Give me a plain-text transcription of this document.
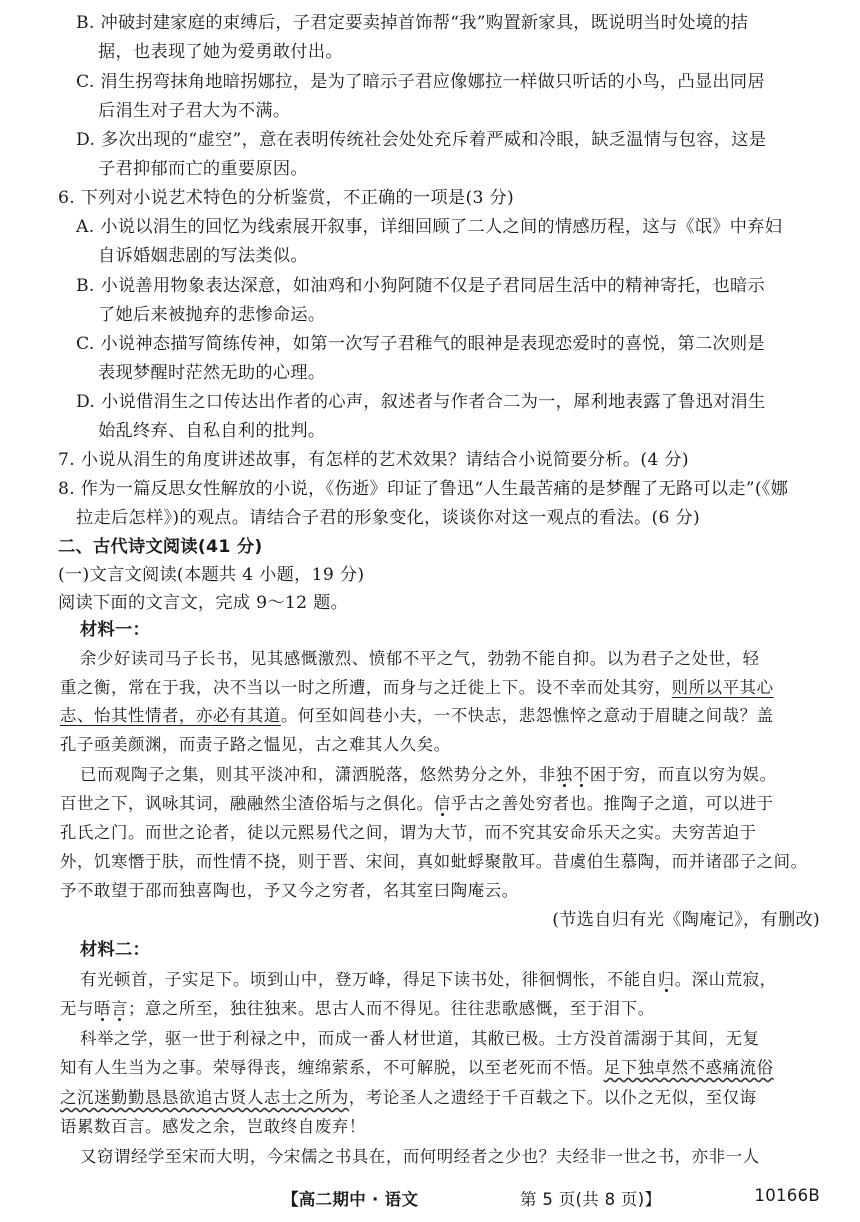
B. 冲破封建家庭的束缚后，子君定要卖掉首饰帮“我”购置新家具，既说明当时处境的拮
据，也表现了她为爱勇敢付出。
C. 涓生拐弯抹角地暗拐娜拉，是为了暗示子君应像娜拉一样做只听话的小鸟，凸显出同居
后涓生对子君大为不满。
D. 多次出现的“虚空”，意在表明传统社会处处充斥着严威和冷眼，缺乏温情与包容，这是
子君抑郁而亡的重要原因。
6. 下列对小说艺术特色的分析鉴赏，不正确的一项是(3 分)
A. 小说以涓生的回忆为线索展开叙事，详细回顾了二人之间的情感历程，这与《氓》中弃妇
自诉婚姻悲剧的写法类似。
B. 小说善用物象表达深意，如油鸡和小狗阿随不仅是子君同居生活中的精神寄托，也暗示
了她后来被抛弃的悲惨命运。
C. 小说神态描写简练传神，如第一次写子君稚气的眼神是表现恋爱时的喜悦，第二次则是
表现梦醒时茫然无助的心理。
D. 小说借涓生之口传达出作者的心声，叙述者与作者合二为一，犀利地表露了鲁迅对涓生
始乱终弃、自私自利的批判。
7. 小说从涓生的角度讲述故事，有怎样的艺术效果？请结合小说简要分析。(4 分)
8. 作为一篇反思女性解放的小说，《伤逝》印证了鲁迅“人生最苦痛的是梦醒了无路可以走”(《娜
拉走后怎样》)的观点。请结合子君的形象变化，谈谈你对这一观点的看法。(6 分)
二、古代诗文阅读(41 分)
(一)文言文阅读(本题共 4 小题，19 分)
阅读下面的文言文，完成 9～12 题。
材料一：
余少好读司马子长书，见其感慨激烈、愤郁不平之气，勃勃不能自抑。以为君子之处世，轻
重之衡，常在于我，决不当以一时之所遭，而身与之迁徙上下。设不幸而处其穷，则所以平其心
志、怡其性情者，亦必有其道。何至如闾巷小夫，一不快志，悲怨憔悴之意动于眉睫之间哉？盖
孔子亟美颜渊，而责子路之愠见，古之难其人久矣。
已而观陶子之集，则其平淡冲和，潇洒脱落，悠然势分之外，非独不困于穷，而直以穷为娱。
百世之下，讽咏其词，融融然尘渣俗垢与之俱化。信乎古之善处穷者也。推陶子之道，可以进于
孔氏之门。而世之论者，徒以元熙易代之间，谓为大节，而不究其安命乐天之实。夫穷苦迫于
外，饥寒憯于肤，而性情不挠，则于晋、宋间，真如蚍蜉聚散耳。昔虞伯生慕陶，而并诸邵子之间。
予不敢望于邵而独喜陶也，予又今之穷者，名其室曰陶庵云。
(节选自归有光《陶庵记》，有删改)
材料二：
有光顿首，子实足下。顷到山中，登万峰，得足下读书处，徘徊惆怅，不能自归。深山荒寂，
无与晤言；意之所至，独往独来。思古人而不得见。往往悲歌感慨，至于泪下。
科举之学，驱一世于利禄之中，而成一番人材世道，其敝已极。士方没首濡溺于其间，无复
知有人生当为之事。荣辱得丧，缠绵萦系，不可解脱，以至老死而不悟。足下独卓然不惑痛流俗
之沉迷勤勤恳恳欲追古贤人志士之所为，考论圣人之遗经于千百载之下。以仆之无似，至仅诲
语累数百言。感发之余，岂敢终自废弃！
又窃谓经学至宋而大明，今宋儒之书具在，而何明经者之少也？夫经非一世之书，亦非一人
【高二期中 · 语文	第 5 页(共 8 页)】	10166B
